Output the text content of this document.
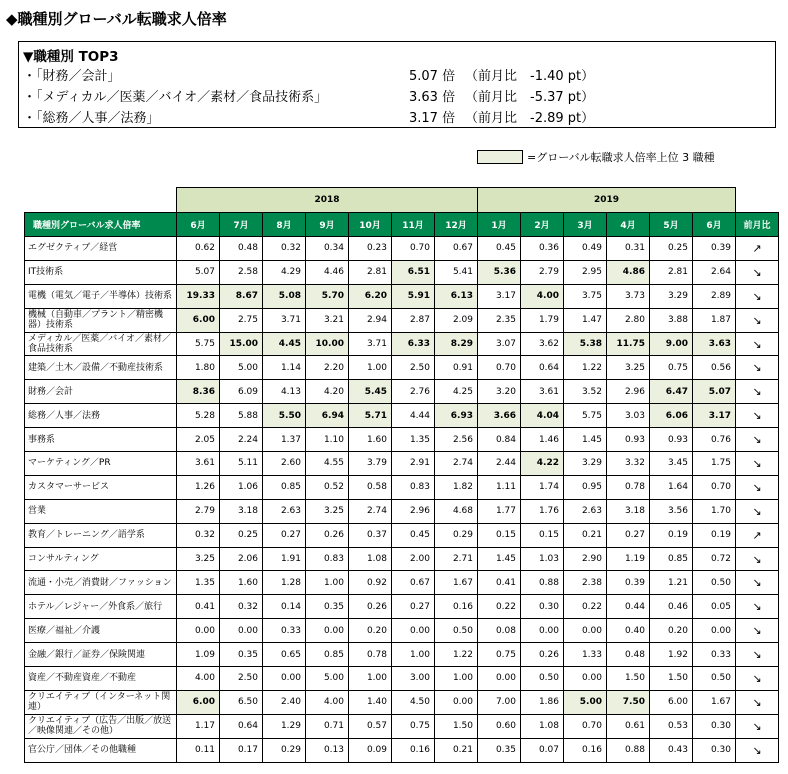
◆職種別グローバル転職求人倍率
▼職種別 TOP3
・「財務／会計」	5.07 倍 （前月比　-1.40 pt）
・「メディカル／医薬／バイオ／素材／食品技術系」	3.63 倍 （前月比　-5.37 pt）
・「総務／人事／法務」	3.17 倍 （前月比　-2.89 pt）
=グローバル転職求人倍率上位 3 職種
	2018							2019						
職種別グローバル求人倍率	6月	7月	8月	9月	10月	11月	12月	1月	2月	3月	4月	5月	6月	前月比
エグゼクティブ／経営	0.62	0.48	0.32	0.34	0.23	0.70	0.67	0.45	0.36	0.49	0.31	0.25	0.39	↗
IT技術系	5.07	2.58	4.29	4.46	2.81	6.51	5.41	5.36	2.79	2.95	4.86	2.81	2.64	↘
電機（電気／電子／半導体）技術系	19.33	8.67	5.08	5.70	6.20	5.91	6.13	3.17	4.00	3.75	3.73	3.29	2.89	↘
機械（自動車／プラント／精密機器）技術系	6.00	2.75	3.71	3.21	2.94	2.87	2.09	2.35	1.79	1.47	2.80	3.88	1.87	↘
メディカル／医薬／バイオ／素材／食品技術系	5.75	15.00	4.45	10.00	3.71	6.33	8.29	3.07	3.62	5.38	11.75	9.00	3.63	↘
建築／土木／設備／不動産技術系	1.80	5.00	1.14	2.20	1.00	2.50	0.91	0.70	0.64	1.22	3.25	0.75	0.56	↘
財務／会計	8.36	6.09	4.13	4.20	5.45	2.76	4.25	3.20	3.61	3.52	2.96	6.47	5.07	↘
総務／人事／法務	5.28	5.88	5.50	6.94	5.71	4.44	6.93	3.66	4.04	5.75	3.03	6.06	3.17	↘
事務系	2.05	2.24	1.37	1.10	1.60	1.35	2.56	0.84	1.46	1.45	0.93	0.93	0.76	↘
マーケティング／PR	3.61	5.11	2.60	4.55	3.79	2.91	2.74	2.44	4.22	3.29	3.32	3.45	1.75	↘
カスタマーサービス	1.26	1.06	0.85	0.52	0.58	0.83	1.82	1.11	1.74	0.95	0.78	1.64	0.70	↘
営業	2.79	3.18	2.63	3.25	2.74	2.96	4.68	1.77	1.76	2.63	3.18	3.56	1.70	↘
教育／トレーニング／語学系	0.32	0.25	0.27	0.26	0.37	0.45	0.29	0.15	0.15	0.21	0.27	0.19	0.19	↗
コンサルティング	3.25	2.06	1.91	0.83	1.08	2.00	2.71	1.45	1.03	2.90	1.19	0.85	0.72	↘
流通・小売／消費財／ファッション	1.35	1.60	1.28	1.00	0.92	0.67	1.67	0.41	0.88	2.38	0.39	1.21	0.50	↘
ホテル／レジャー／外食系／旅行	0.41	0.32	0.14	0.35	0.26	0.27	0.16	0.22	0.30	0.22	0.44	0.46	0.05	↘
医療／福祉／介護	0.00	0.00	0.33	0.00	0.20	0.00	0.50	0.08	0.00	0.00	0.40	0.20	0.00	↘
金融／銀行／証券／保険関連	1.09	0.35	0.65	0.85	0.78	1.00	1.22	0.75	0.26	1.33	0.48	1.92	0.33	↘
資産／不動産資産／不動産	4.00	2.50	0.00	5.00	1.00	3.00	1.00	0.00	0.50	0.00	1.50	1.50	0.50	↘
クリエイティブ（インターネット関連）	6.00	6.50	2.40	4.00	1.40	4.50	0.00	7.00	1.86	5.00	7.50	6.00	1.67	↘
クリエイティブ（広告／出版／放送／映像関連／その他）	1.17	0.64	1.29	0.71	0.57	0.75	1.50	0.60	1.08	0.70	0.61	0.53	0.30	↘
官公庁／団体／その他職種	0.11	0.17	0.29	0.13	0.09	0.16	0.21	0.35	0.07	0.16	0.88	0.43	0.30	↘
